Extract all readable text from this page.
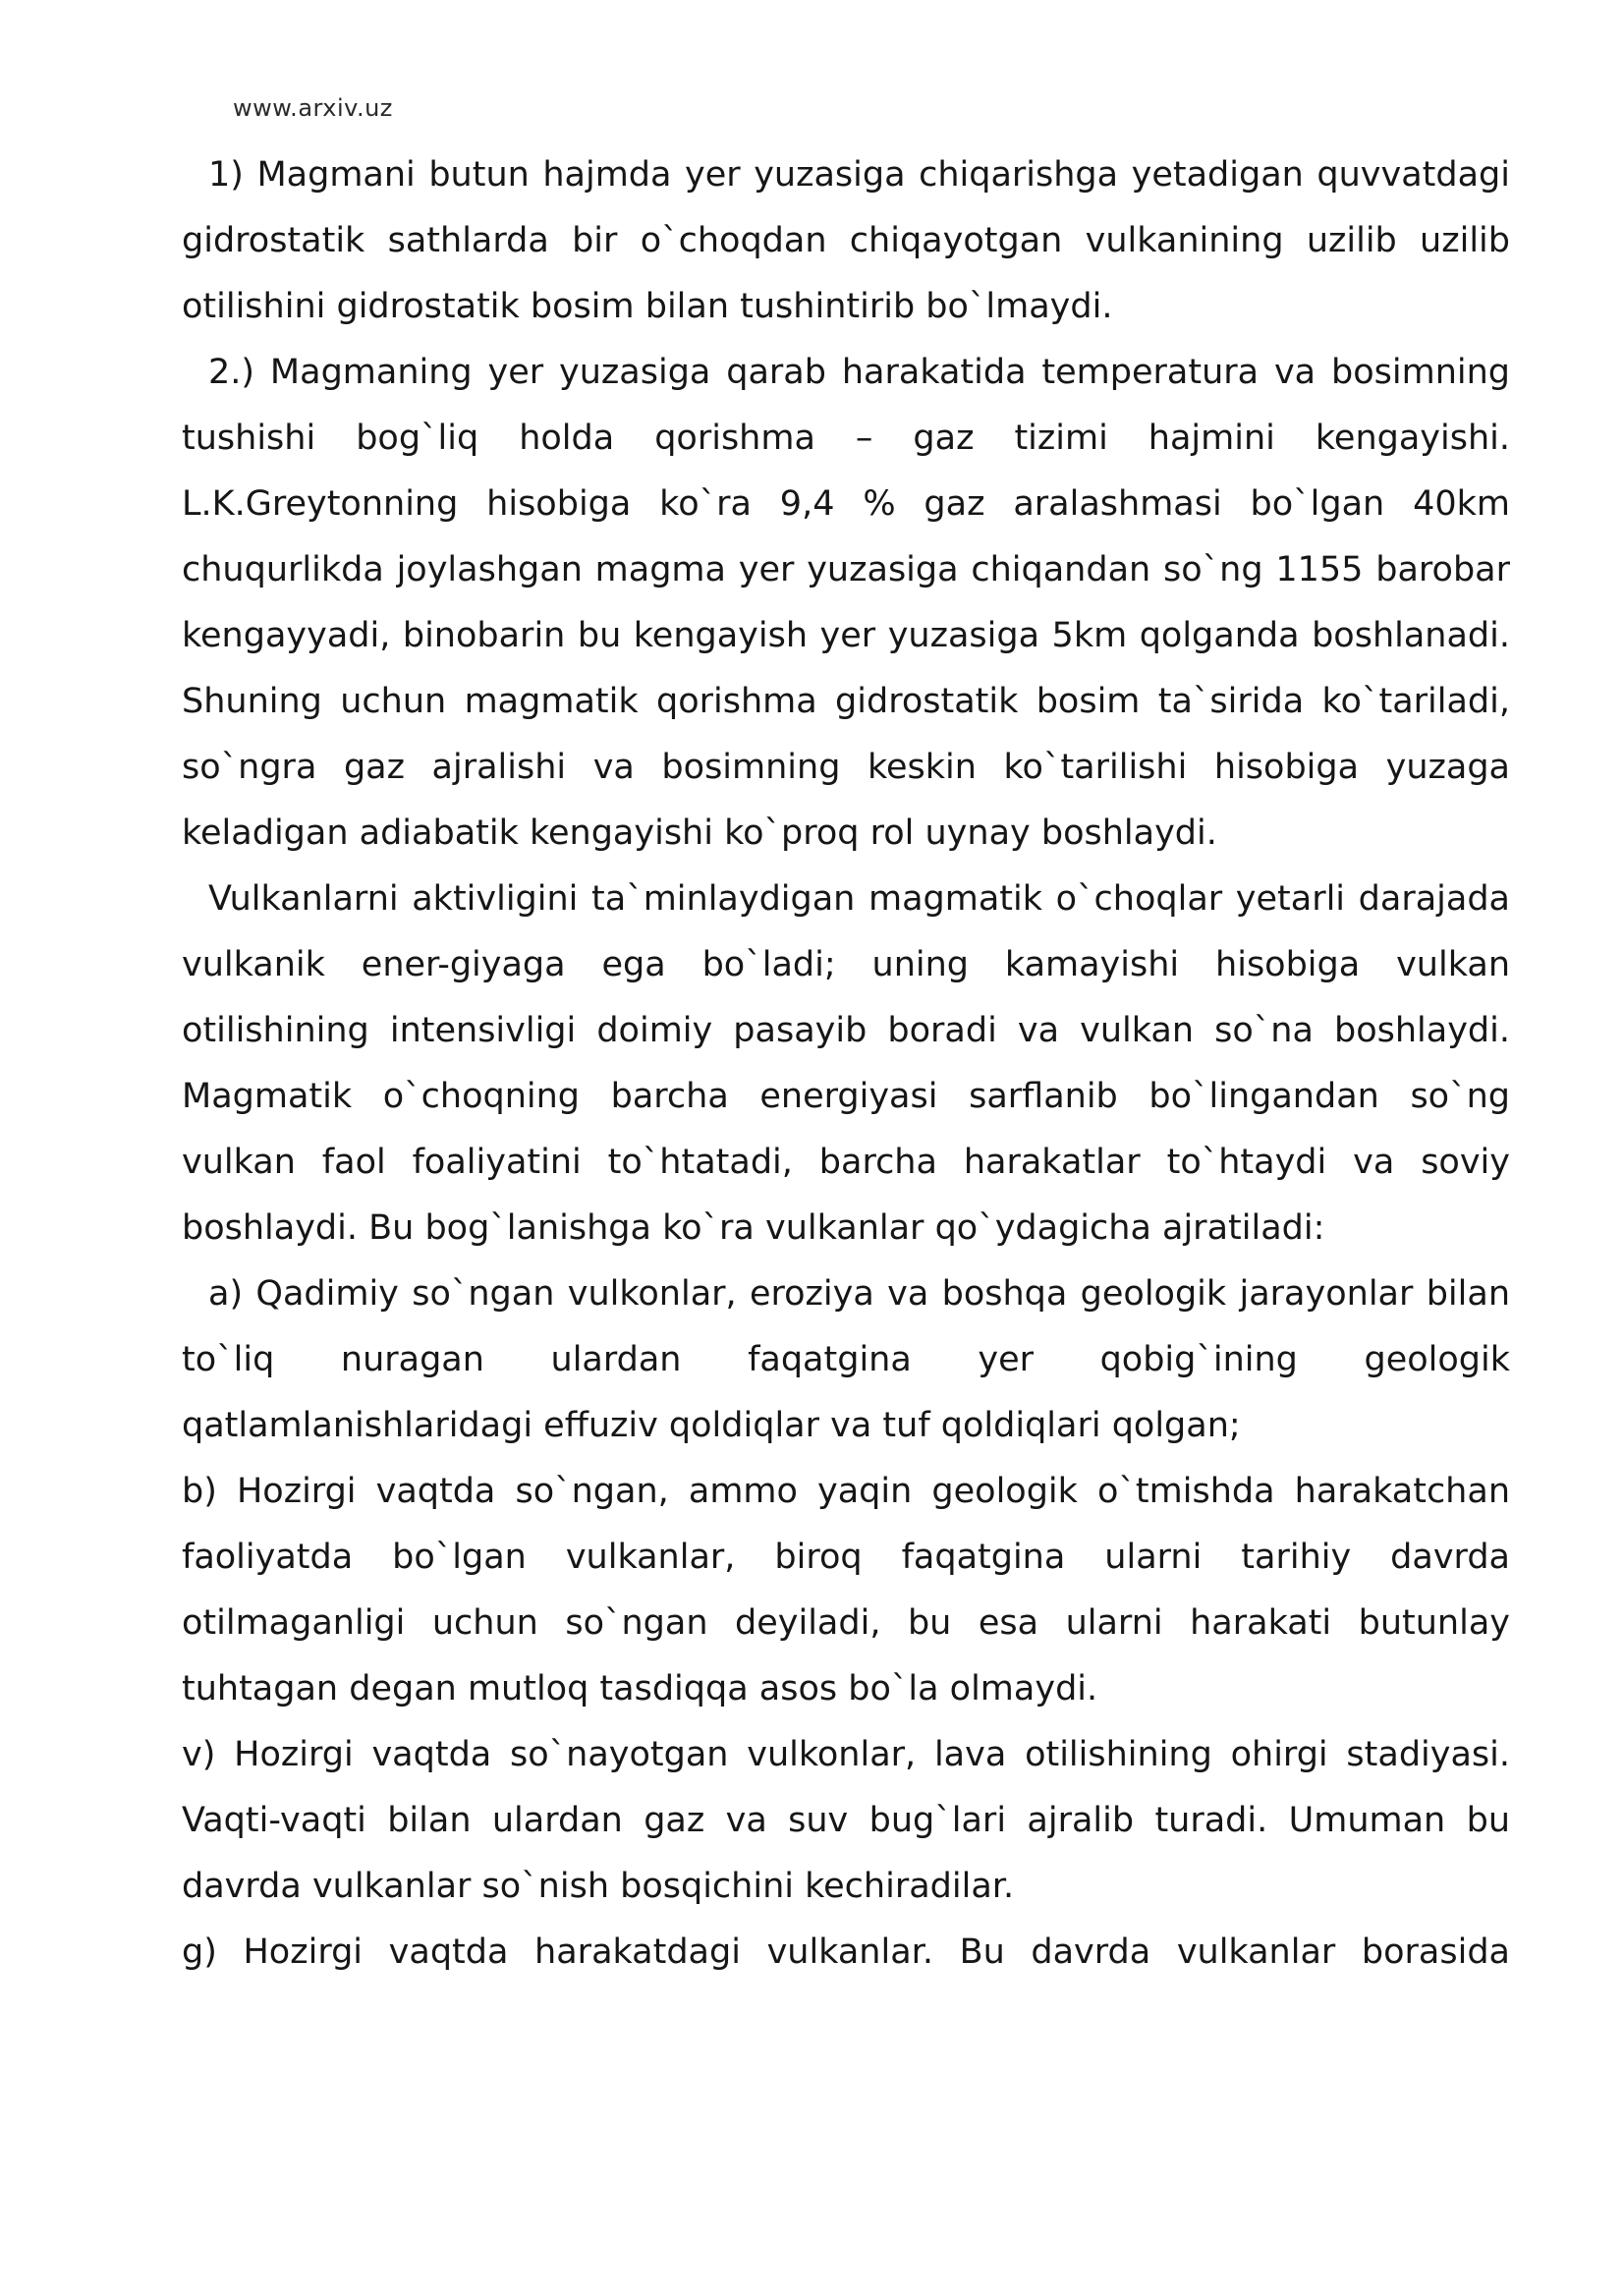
www.arxiv.uz

1) Magmani butun hajmda yer yuzasiga chiqarishga yetadigan quvvatdagi gidrostatik sathlarda bir o`choqdan chiqayotgan vulkanining uzilib uzilib otilishini gidrostatik bosim bilan tushintirib bo`lmaydi.

2.) Magmaning yer yuzasiga qarab harakatida temperatura va bosimning tushishi bog`liq holda qorishma – gaz tizimi hajmini kengayishi. L.K.Greytonning hisobiga ko`ra 9,4 % gaz aralashmasi bo`lgan 40km chuqurlikda joylashgan magma yer yuzasiga chiqandan so`ng 1155 barobar kengayyadi, binobarin bu kengayish yer yuzasiga 5km qolganda boshlanadi. Shuning uchun magmatik qorishma gidrostatik bosim ta`sirida ko`tariladi, so`ngra gaz ajralishi va bosimning keskin ko`tarilishi hisobiga yuzaga keladigan adiabatik kengayishi ko`proq rol uynay boshlaydi.

Vulkanlarni aktivligini ta`minlaydigan magmatik o`choqlar yetarli darajada vulkanik ener-giyaga ega bo`ladi; uning kamayishi hisobiga vulkan otilishining intensivligi doimiy pasayib boradi va vulkan so`na boshlaydi. Magmatik o`choqning barcha energiyasi sarflanib bo`lingandan so`ng vulkan faol foaliyatini to`htatadi, barcha harakatlar to`htaydi va soviy boshlaydi. Bu bog`lanishga ko`ra vulkanlar qo`ydagicha ajratiladi:

a) Qadimiy so`ngan vulkonlar, eroziya va boshqa geologik jarayonlar bilan to`liq nuragan ulardan faqatgina yer qobig`ining geologik qatlamlanishlaridagi effuziv qoldiqlar va tuf qoldiqlari qolgan;

b) Hozirgi vaqtda so`ngan, ammo yaqin geologik o`tmishda harakatchan faoliyatda bo`lgan vulkanlar, biroq faqatgina ularni tarihiy davrda otilmaganligi uchun so`ngan deyiladi, bu esa ularni harakati butunlay tuhtagan degan mutloq tasdiqqa asos bo`la olmaydi.

v) Hozirgi vaqtda so`nayotgan vulkonlar, lava otilishining ohirgi stadiyasi. Vaqti-vaqti bilan ulardan gaz va suv bug`lari ajralib turadi. Umuman bu davrda vulkanlar so`nish bosqichini kechiradilar.

g) Hozirgi vaqtda harakatdagi vulkanlar. Bu davrda vulkanlar borasida
